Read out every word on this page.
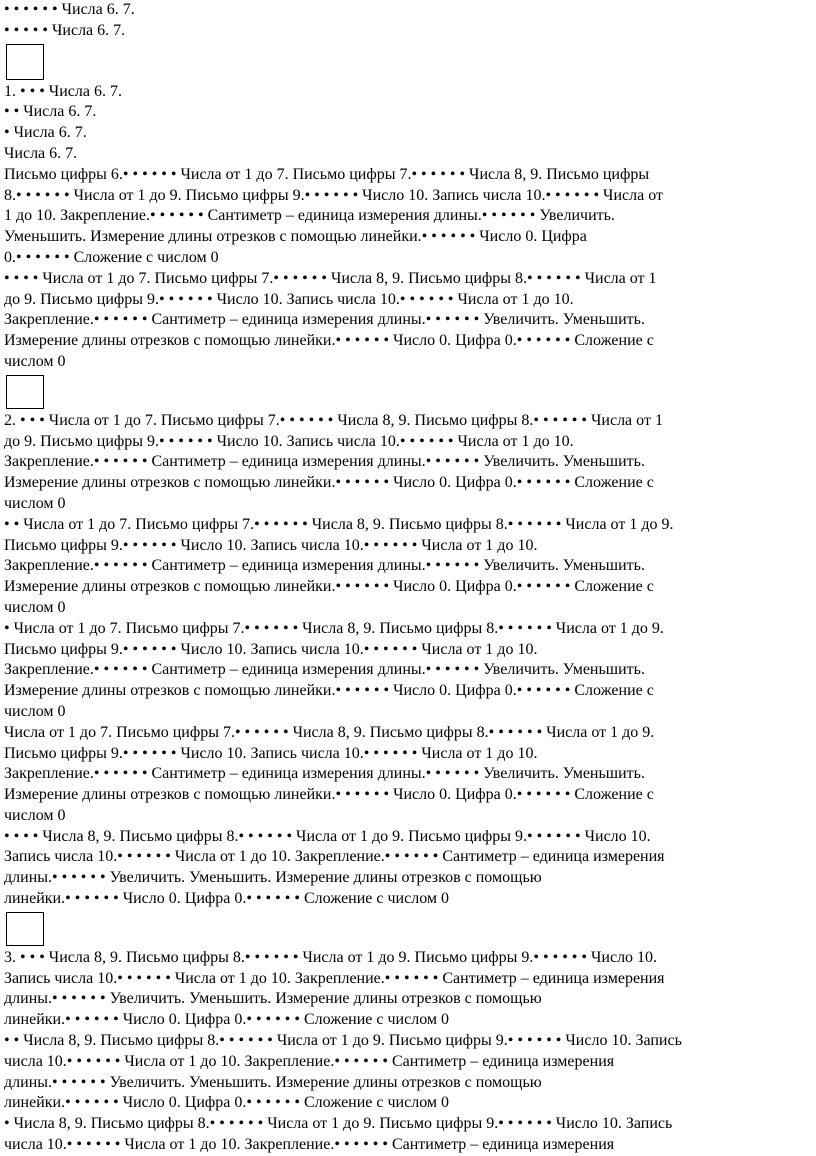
• • • • • • Числа 6. 7.
• • • • • Числа 6. 7.
1. • • • Числа 6. 7.
• • Числа 6. 7.
• Числа 6. 7.
Числа 6. 7.
Письмо цифры 6.• • • • • • Числа от 1 до 7. Письмо цифры 7.• • • • • • Числа 8, 9. Письмо цифры
8.• • • • • • Числа от 1 до 9. Письмо цифры 9.• • • • • • Число 10. Запись числа 10.• • • • • • Числа от
1 до 10. Закрепление.• • • • • • Сантиметр – единица измерения длины.• • • • • • Увеличить.
Уменьшить. Измерение длины отрезков с помощью линейки.• • • • • • Число 0. Цифра
0.• • • • • • Сложение с числом 0
• • • • Числа от 1 до 7. Письмо цифры 7.• • • • • • Числа 8, 9. Письмо цифры 8.• • • • • • Числа от 1
до 9. Письмо цифры 9.• • • • • • Число 10. Запись числа 10.• • • • • • Числа от 1 до 10.
Закрепление.• • • • • • Сантиметр – единица измерения длины.• • • • • • Увеличить. Уменьшить.
Измерение длины отрезков с помощью линейки.• • • • • • Число 0. Цифра 0.• • • • • • Сложение с
числом 0
2. • • • Числа от 1 до 7. Письмо цифры 7.• • • • • • Числа 8, 9. Письмо цифры 8.• • • • • • Числа от 1
до 9. Письмо цифры 9.• • • • • • Число 10. Запись числа 10.• • • • • • Числа от 1 до 10.
Закрепление.• • • • • • Сантиметр – единица измерения длины.• • • • • • Увеличить. Уменьшить.
Измерение длины отрезков с помощью линейки.• • • • • • Число 0. Цифра 0.• • • • • • Сложение с
числом 0
• • Числа от 1 до 7. Письмо цифры 7.• • • • • • Числа 8, 9. Письмо цифры 8.• • • • • • Числа от 1 до 9.
Письмо цифры 9.• • • • • • Число 10. Запись числа 10.• • • • • • Числа от 1 до 10.
Закрепление.• • • • • • Сантиметр – единица измерения длины.• • • • • • Увеличить. Уменьшить.
Измерение длины отрезков с помощью линейки.• • • • • • Число 0. Цифра 0.• • • • • • Сложение с
числом 0
• Числа от 1 до 7. Письмо цифры 7.• • • • • • Числа 8, 9. Письмо цифры 8.• • • • • • Числа от 1 до 9.
Письмо цифры 9.• • • • • • Число 10. Запись числа 10.• • • • • • Числа от 1 до 10.
Закрепление.• • • • • • Сантиметр – единица измерения длины.• • • • • • Увеличить. Уменьшить.
Измерение длины отрезков с помощью линейки.• • • • • • Число 0. Цифра 0.• • • • • • Сложение с
числом 0
Числа от 1 до 7. Письмо цифры 7.• • • • • • Числа 8, 9. Письмо цифры 8.• • • • • • Числа от 1 до 9.
Письмо цифры 9.• • • • • • Число 10. Запись числа 10.• • • • • • Числа от 1 до 10.
Закрепление.• • • • • • Сантиметр – единица измерения длины.• • • • • • Увеличить. Уменьшить.
Измерение длины отрезков с помощью линейки.• • • • • • Число 0. Цифра 0.• • • • • • Сложение с
числом 0
• • • • Числа 8, 9. Письмо цифры 8.• • • • • • Числа от 1 до 9. Письмо цифры 9.• • • • • • Число 10.
Запись числа 10.• • • • • • Числа от 1 до 10. Закрепление.• • • • • • Сантиметр – единица измерения
длины.• • • • • • Увеличить. Уменьшить. Измерение длины отрезков с помощью
линейки.• • • • • • Число 0. Цифра 0.• • • • • • Сложение с числом 0
3. • • • Числа 8, 9. Письмо цифры 8.• • • • • • Числа от 1 до 9. Письмо цифры 9.• • • • • • Число 10.
Запись числа 10.• • • • • • Числа от 1 до 10. Закрепление.• • • • • • Сантиметр – единица измерения
длины.• • • • • • Увеличить. Уменьшить. Измерение длины отрезков с помощью
линейки.• • • • • • Число 0. Цифра 0.• • • • • • Сложение с числом 0
• • Числа 8, 9. Письмо цифры 8.• • • • • • Числа от 1 до 9. Письмо цифры 9.• • • • • • Число 10. Запись
числа 10.• • • • • • Числа от 1 до 10. Закрепление.• • • • • • Сантиметр – единица измерения
длины.• • • • • • Увеличить. Уменьшить. Измерение длины отрезков с помощью
линейки.• • • • • • Число 0. Цифра 0.• • • • • • Сложение с числом 0
• Числа 8, 9. Письмо цифры 8.• • • • • • Числа от 1 до 9. Письмо цифры 9.• • • • • • Число 10. Запись
числа 10.• • • • • • Числа от 1 до 10. Закрепление.• • • • • • Сантиметр – единица измерения
